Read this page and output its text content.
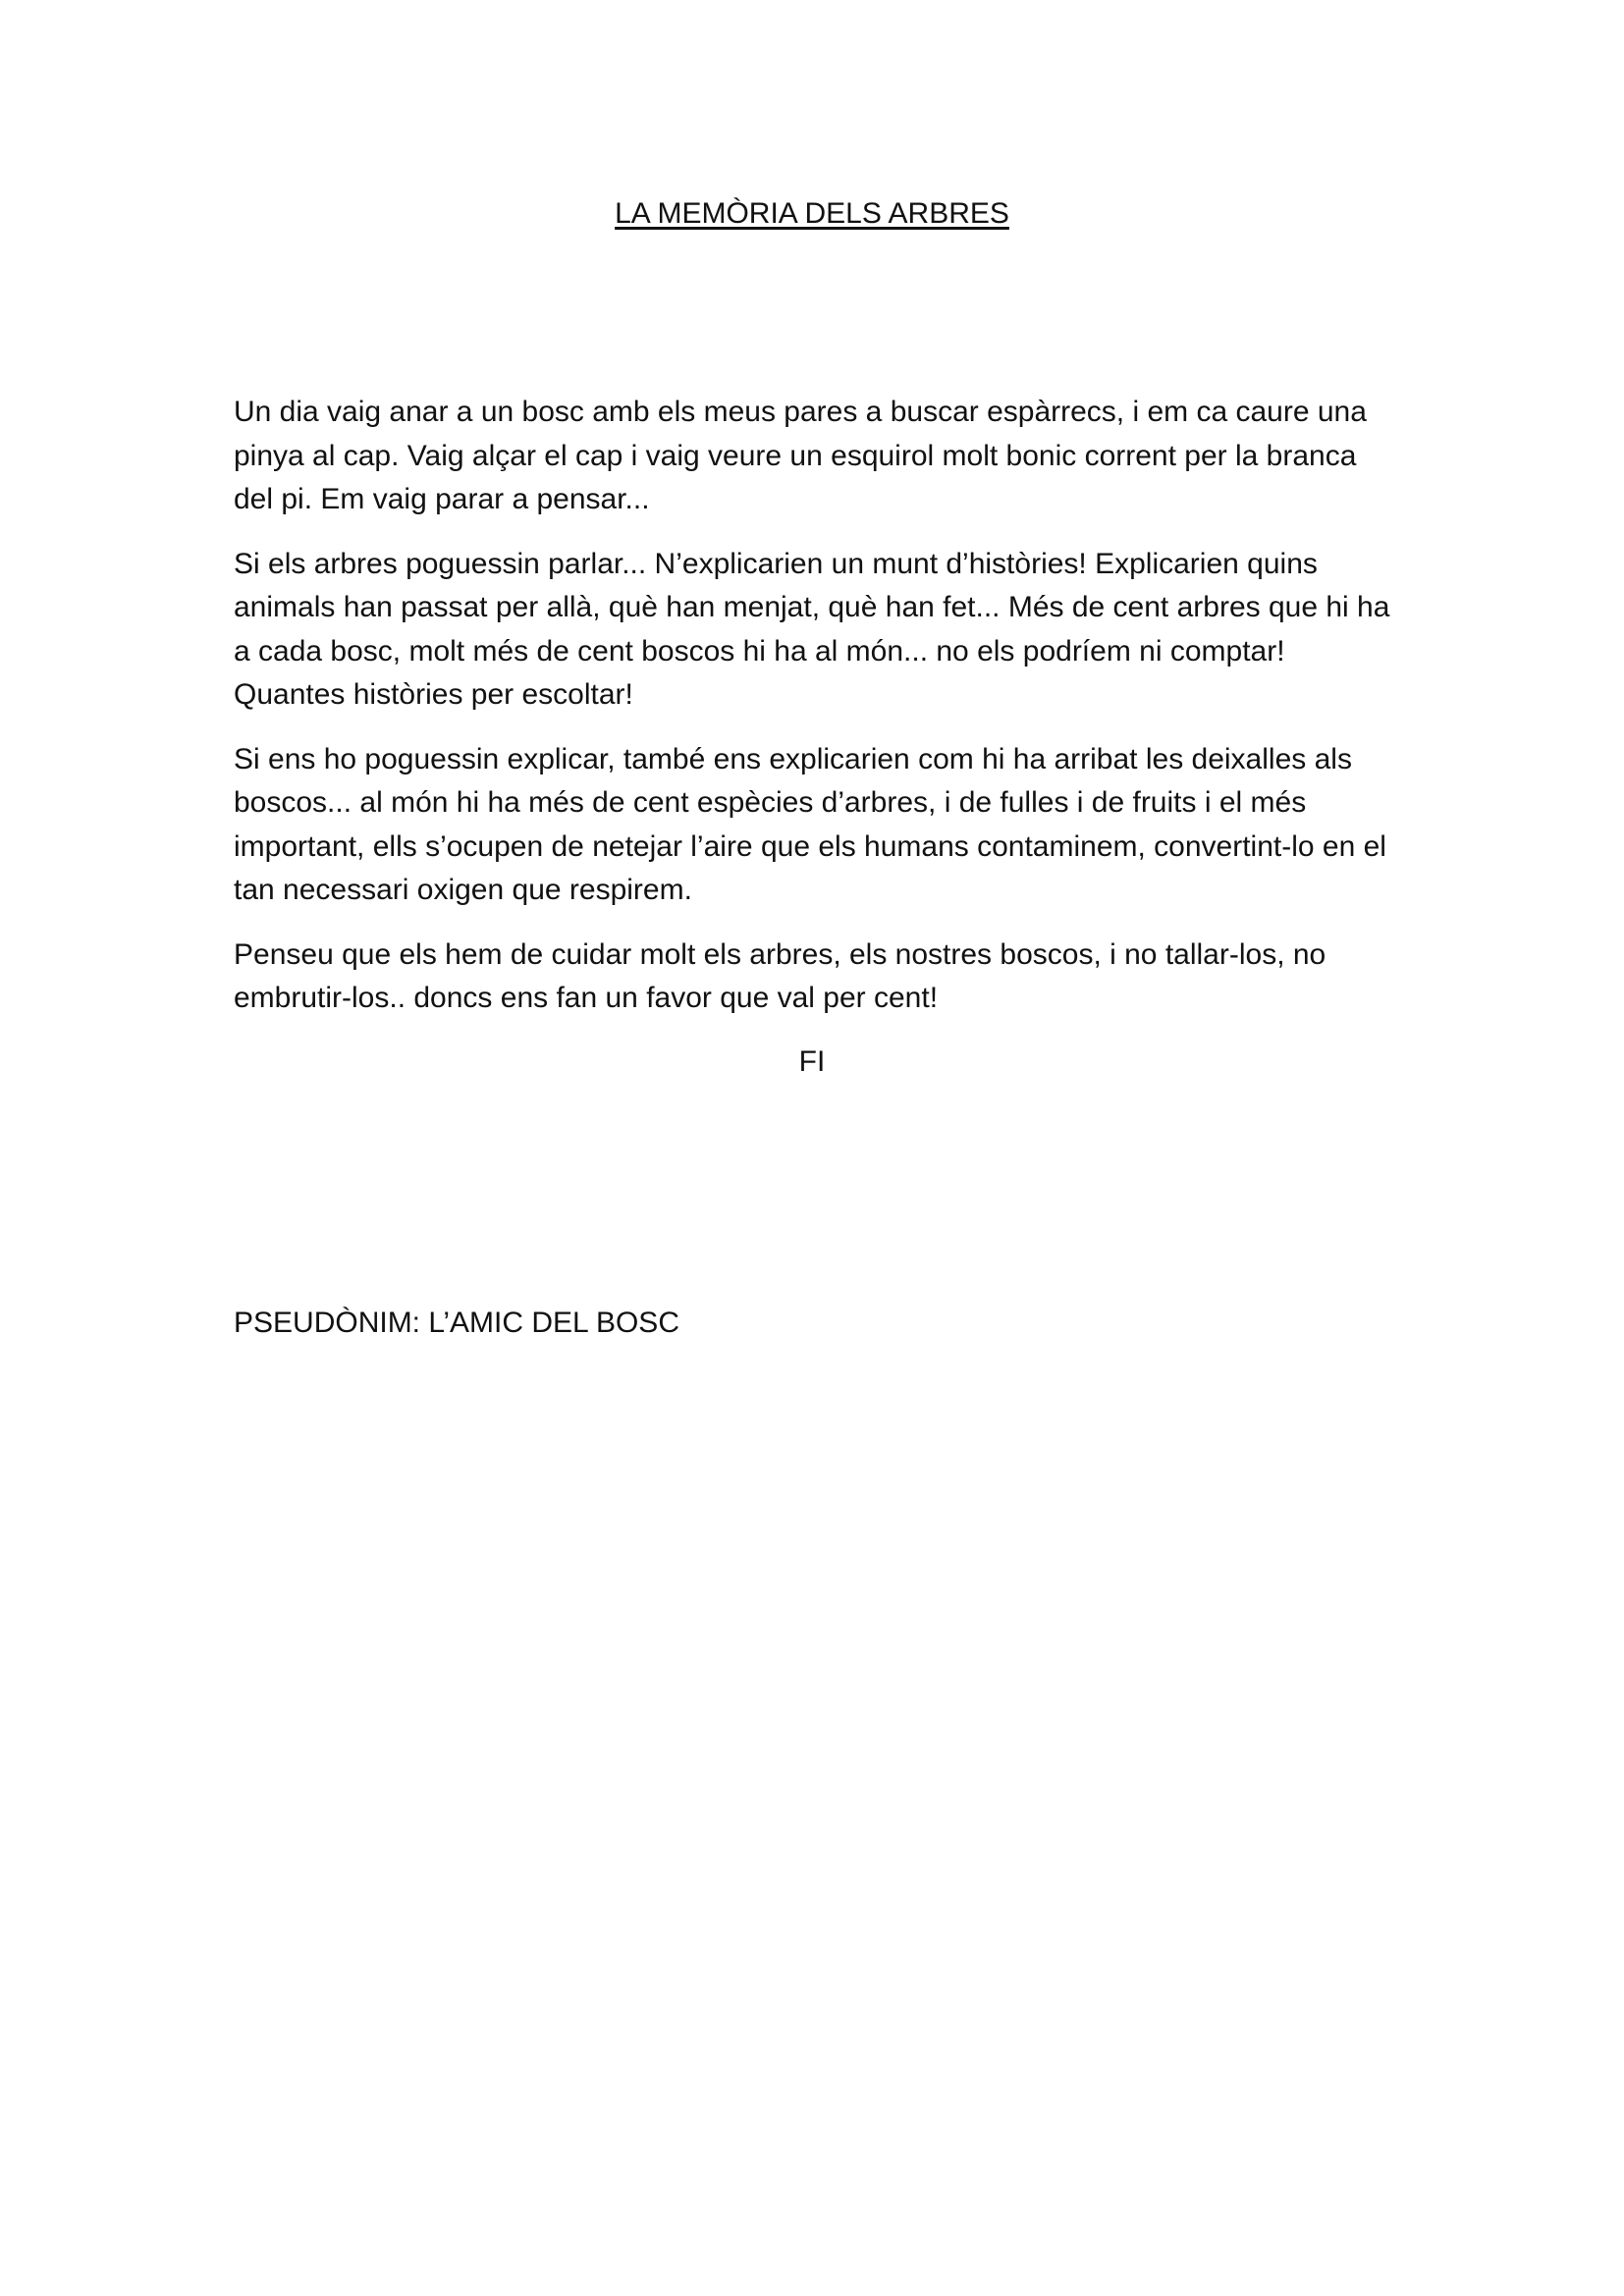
LA MEMÒRIA DELS ARBRES

Un dia vaig anar a un bosc amb els meus pares a buscar espàrrecs, i em ca caure una pinya al cap. Vaig alçar el cap i vaig veure un esquirol molt bonic corrent per la branca del pi. Em vaig parar a pensar...

Si els arbres poguessin parlar... N’explicarien un munt d’històries! Explicarien quins animals han passat per allà, què han menjat, què han fet... Més de cent arbres que hi ha a cada bosc, molt més de cent boscos hi ha al món... no els podríem ni comptar! Quantes històries per escoltar!

Si ens ho poguessin explicar, també ens explicarien com hi ha arribat les deixalles als boscos... al món hi ha més de cent espècies d’arbres, i de fulles i de fruits i el més important, ells s’ocupen de netejar l’aire que els humans contaminem, convertint-lo en el tan necessari oxigen que respirem.

Penseu que els hem de cuidar molt els arbres, els nostres boscos, i no tallar-los, no embrutir-los.. doncs ens fan un favor que val per cent!

FI
PSEUDÒNIM: L’AMIC DEL BOSC
